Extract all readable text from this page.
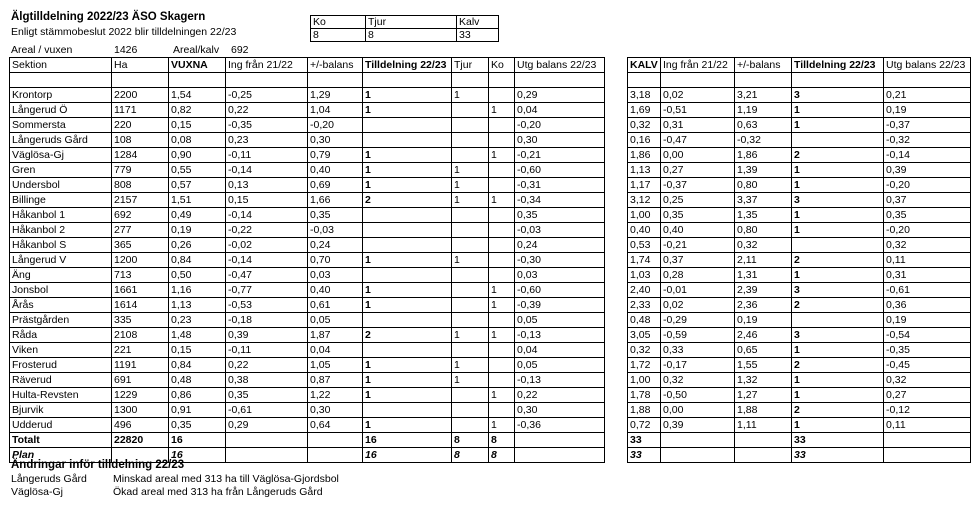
Älgtilldelning 2022/23 ÄSO Skagern
Enligt stämmobeslut 2022 blir tilldelningen 22/23
Ko	Tjur	Kalv
8	8	33
Areal / vuxen	1426	Areal/kalv 692
Sektion	Ha	VUXNA	Ing från 21/22	+/-balans	Tilldelning 22/23	Tjur	Ko	Utg balans 22/23

Krontorp	2200	1,54	-0,25	1,29	1	1		0,29
Långerud Ö	1171	0,82	0,22	1,04	1		1	0,04
Sommersta	220	0,15	-0,35	-0,20				-0,20
Långeruds Gård	108	0,08	0,23	0,30				0,30
Väglösa-Gj	1284	0,90	-0,11	0,79	1		1	-0,21
Gren	779	0,55	-0,14	0,40	1	1		-0,60
Undersbol	808	0,57	0,13	0,69	1	1		-0,31
Billinge	2157	1,51	0,15	1,66	2	1	1	-0,34
Håkanbol 1	692	0,49	-0,14	0,35				0,35
Håkanbol 2	277	0,19	-0,22	-0,03				-0,03
Håkanbol S	365	0,26	-0,02	0,24				0,24
Långerud V	1200	0,84	-0,14	0,70	1	1		-0,30
Äng	713	0,50	-0,47	0,03				0,03
Jonsbol	1661	1,16	-0,77	0,40	1		1	-0,60
Årås	1614	1,13	-0,53	0,61	1		1	-0,39
Prästgården	335	0,23	-0,18	0,05				0,05
Råda	2108	1,48	0,39	1,87	2	1	1	-0,13
Viken	221	0,15	-0,11	0,04				0,04
Frosterud	1191	0,84	0,22	1,05	1	1		0,05
Räverud	691	0,48	0,38	0,87	1	1		-0,13
Hulta-Revsten	1229	0,86	0,35	1,22	1		1	0,22
Bjurvik	1300	0,91	-0,61	0,30				0,30
Udderud	496	0,35	0,29	0,64	1		1	-0,36
Totalt	22820	16			16	8	8	
Plan		16			16	8	8	
KALV	Ing från 21/22	+/-balans	Tilldelning 22/23	Utg balans 22/23

3,18	0,02	3,21	3	0,21
1,69	-0,51	1,19	1	0,19
0,32	0,31	0,63	1	-0,37
0,16	-0,47	-0,32		-0,32
1,86	0,00	1,86	2	-0,14
1,13	0,27	1,39	1	0,39
1,17	-0,37	0,80	1	-0,20
3,12	0,25	3,37	3	0,37
1,00	0,35	1,35	1	0,35
0,40	0,40	0,80	1	-0,20
0,53	-0,21	0,32		0,32
1,74	0,37	2,11	2	0,11
1,03	0,28	1,31	1	0,31
2,40	-0,01	2,39	3	-0,61
2,33	0,02	2,36	2	0,36
0,48	-0,29	0,19		0,19
3,05	-0,59	2,46	3	-0,54
0,32	0,33	0,65	1	-0,35
1,72	-0,17	1,55	2	-0,45
1,00	0,32	1,32	1	0,32
1,78	-0,50	1,27	1	0,27
1,88	0,00	1,88	2	-0,12
0,72	0,39	1,11	1	0,11
33			33	
33			33	
Ändringar inför tilldelning 22/23
Långeruds Gård	Minskad areal med 313 ha till Väglösa-Gjordsbol
Väglösa-Gj	Ökad areal med 313 ha från Långeruds Gård
